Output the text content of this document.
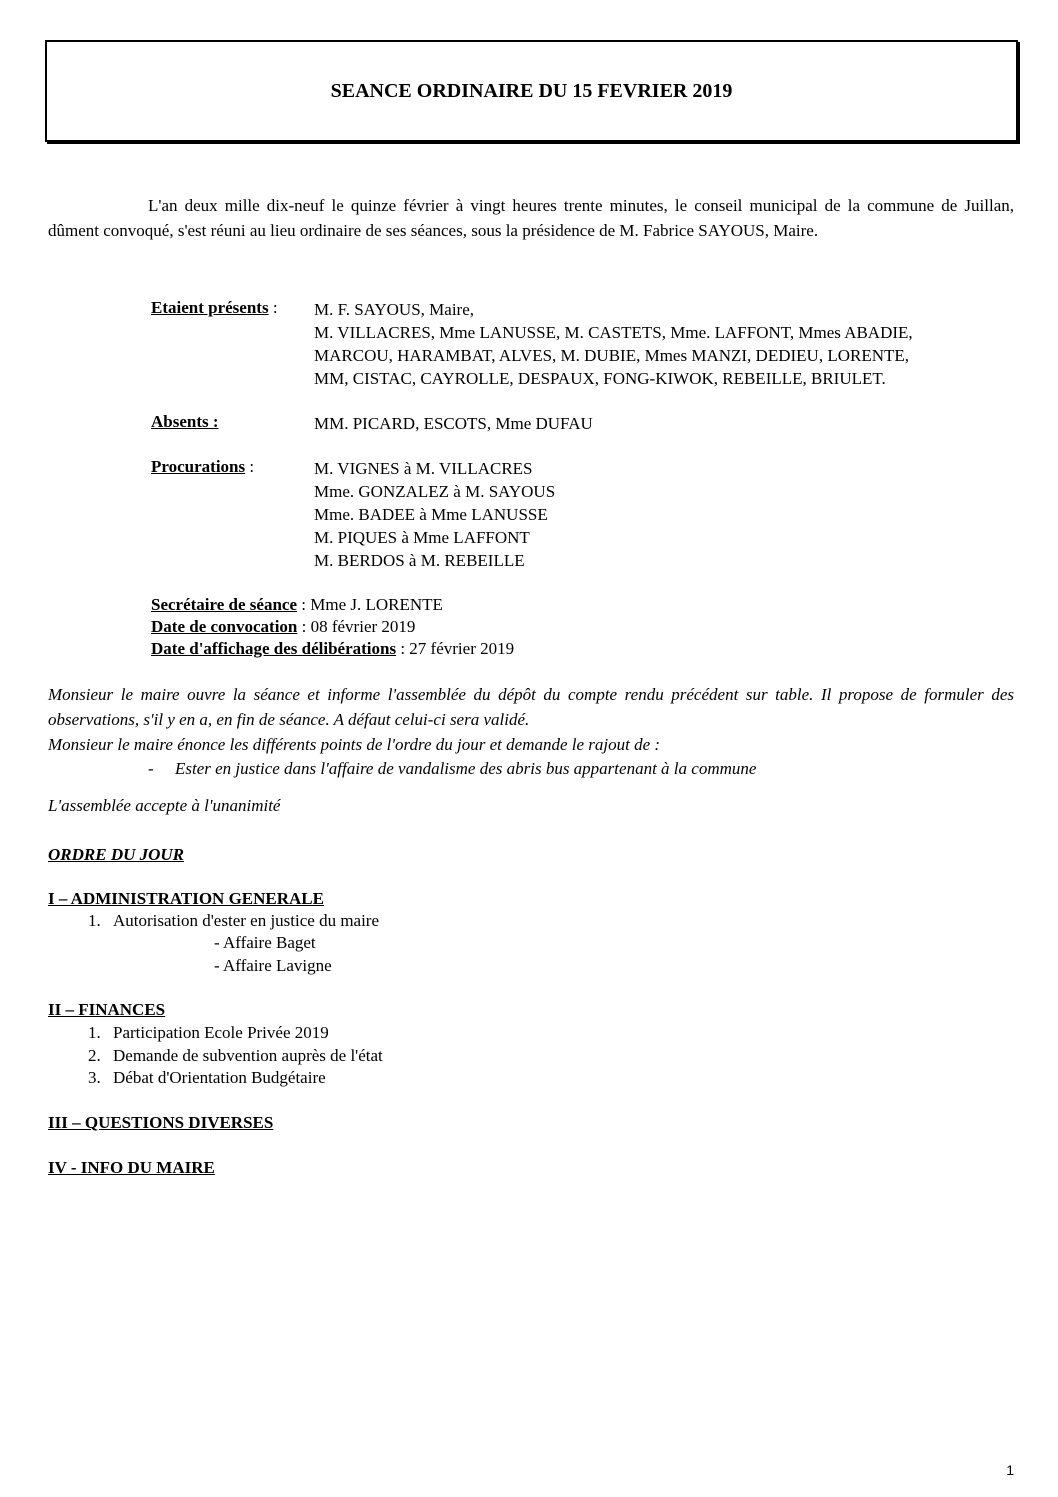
SEANCE ORDINAIRE DU 15 FEVRIER 2019

L'an deux mille dix-neuf le quinze février à vingt heures trente minutes, le conseil municipal de la commune de Juillan, dûment convoqué, s'est réuni au lieu ordinaire de ses séances, sous la présidence de M. Fabrice SAYOUS, Maire.

Etaient présents : M. F. SAYOUS, Maire,
M. VILLACRES, Mme LANUSSE, M. CASTETS, Mme. LAFFONT, Mmes ABADIE,
MARCOU, HARAMBAT, ALVES, M. DUBIE, Mmes MANZI, DEDIEU, LORENTE,
MM, CISTAC, CAYROLLE, DESPAUX, FONG-KIWOK, REBEILLE, BRIULET.
Absents :	MM. PICARD, ESCOTS, Mme DUFAU
Procurations :	M. VIGNES à M. VILLACRES
Mme. GONZALEZ à M. SAYOUS
Mme. BADEE à Mme LANUSSE
M. PIQUES à Mme LAFFONT
M. BERDOS à M. REBEILLE
Secrétaire de séance : Mme J. LORENTE
Date de convocation : 08 février 2019
Date d'affichage des délibérations : 27 février 2019
Monsieur le maire ouvre la séance et informe l'assemblée du dépôt du compte rendu précédent sur table. Il propose de formuler des observations, s'il y en a, en fin de séance. A défaut celui-ci sera validé.
Monsieur le maire énonce les différents points de l'ordre du jour et demande le rajout de :
- Ester en justice dans l'affaire de vandalisme des abris bus appartenant à la commune
L'assemblée accepte à l'unanimité
ORDRE DU JOUR
I – ADMINISTRATION GENERALE
1. Autorisation d'ester en justice du maire
- Affaire Baget
- Affaire Lavigne
II – FINANCES
1. Participation Ecole Privée 2019
2. Demande de subvention auprès de l'état
3. Débat d'Orientation Budgétaire
III – QUESTIONS DIVERSES
IV - INFO DU MAIRE
1
